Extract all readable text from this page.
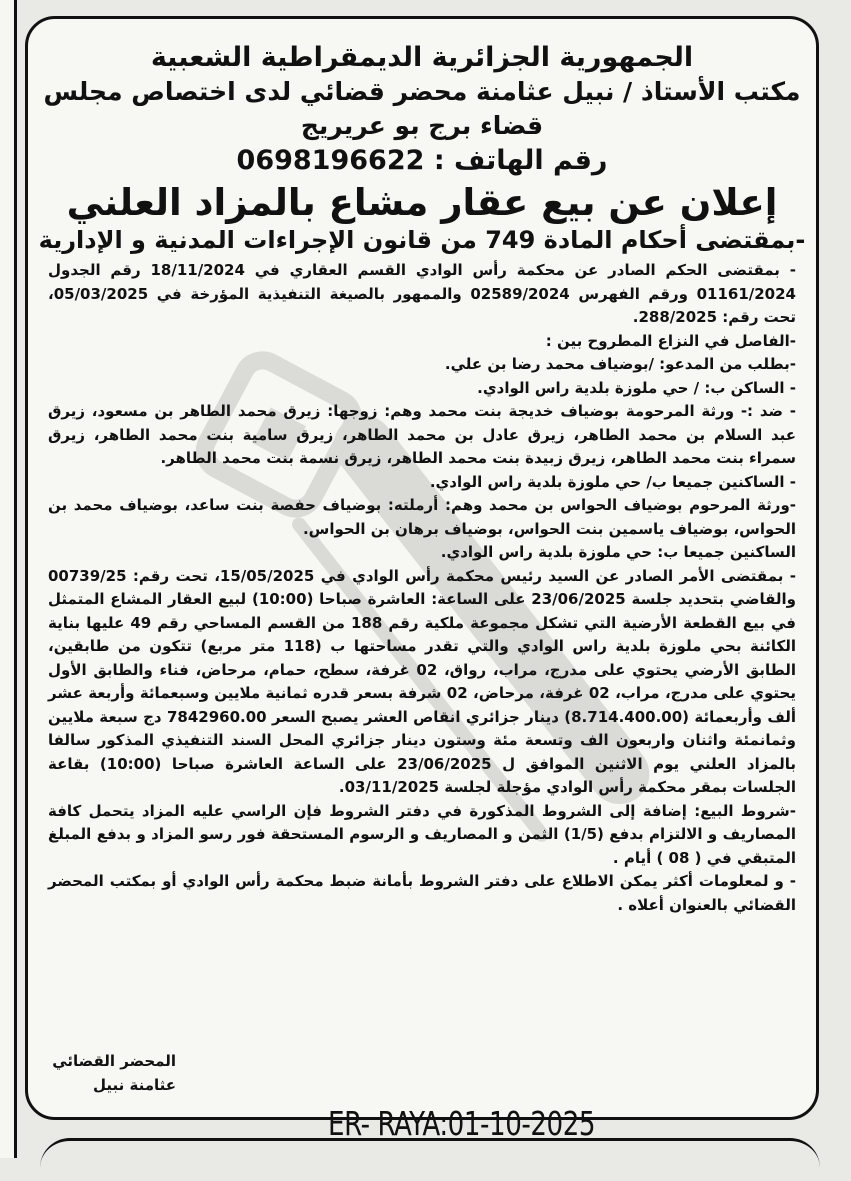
الجمهورية الجزائرية الديمقراطية الشعبية
مكتب الأستاذ / نبيل عثامنة محضر قضائي لدى اختصاص مجلس
قضاء برج بو عريريج
رقم الهاتف : 0698196622
إعلان عن بيع عقار مشاع بالمزاد العلني
-بمقتضى أحكام المادة 749 من قانون الإجراءات المدنية و الإدارية

- بمقتضى الحكم الصادر عن محكمة رأس الوادي القسم العقاري في 18/11/2024 رقم الجدول 01161/2024 ورقم الفهرس 02589/2024 والممهور بالصيغة التنفيذية المؤرخة في 05/03/2025، تحت رقم: 288/2025.

-الفاصل في النزاع المطروح بين :

-بطلب من المدعو: /بوضياف محمد رضا بن علي.

- الساكن ب: / حي ملوزة بلدية راس الوادي.

- ضد :- ورثة المرحومة بوضياف خديجة بنت محمد وهم: زوجها: زيرق محمد الطاهر بن مسعود، زيرق عبد السلام بن محمد الطاهر، زيرق عادل بن محمد الطاهر، زيرق سامية بنت محمد الطاهر، زيرق سمراء بنت محمد الطاهر، زيرق زبيدة بنت محمد الطاهر، زيرق نسمة بنت محمد الطاهر.

- الساكنين جميعا ب/ حي ملوزة بلدية راس الوادي.

-ورثة المرحوم بوضياف الحواس بن محمد وهم: أرملته: بوضياف حفصة بنت ساعد، بوضياف محمد بن الحواس، بوضياف ياسمين بنت الحواس، بوضياف برهان بن الحواس.

الساكنين جميعا ب: حي ملوزة بلدية راس الوادي.

- بمقتضى الأمر الصادر عن السيد رئيس محكمة رأس الوادي في 15/05/2025، تحت رقم: 00739/25 والقاضي بتحديد جلسة 23/06/2025 على الساعة: العاشرة صباحا (10:00) لبيع العقار المشاع المتمثل في بيع القطعة الأرضية التي تشكل مجموعة ملكية رقم 188 من القسم المساحي رقم 49 عليها بناية الكائنة بحي ملوزة بلدية راس الوادي والتي تقدر مساحتها ب (118 متر مربع) تتكون من طابقين، الطابق الأرضي يحتوي على مدرج، مراب، رواق، 02 غرفة، سطح، حمام، مرحاض، فناء والطابق الأول يحتوي على مدرج، مراب، 02 غرفة، مرحاض، 02 شرفة بسعر قدره ثمانية ملايين وسبعمائة وأربعة عشر ألف وأربعمائة (8.714.400.00) دينار جزائري انقاص العشر يصبح السعر 7842960.00 دج سبعة ملايين وثمانمئة واثنان واربعون الف وتسعة مئة وستون دينار جزائري المحل السند التنفيذي المذكور سالفا بالمزاد العلني يوم الاثنين الموافق ل 23/06/2025 على الساعة العاشرة صباحا (10:00) بقاعة الجلسات بمقر محكمة رأس الوادي مؤجلة لجلسة 03/11/2025.

-شروط البيع: إضافة إلى الشروط المذكورة في دفتر الشروط فإن الراسي عليه المزاد يتحمل كافة المصاريف و الالتزام بدفع (1/5) الثمن و المصاريف و الرسوم المستحقة فور رسو المزاد و بدفع المبلغ المتبقي في ( 08 ) أيام .

- و لمعلومات أكثر يمكن الاطلاع على دفتر الشروط بأمانة ضبط محكمة رأس الوادي أو بمكتب المحضر القضائي بالعنوان أعلاه .

المحضر القضائي
عثامنة نبيل
ER- RAYA:01-10-2025
